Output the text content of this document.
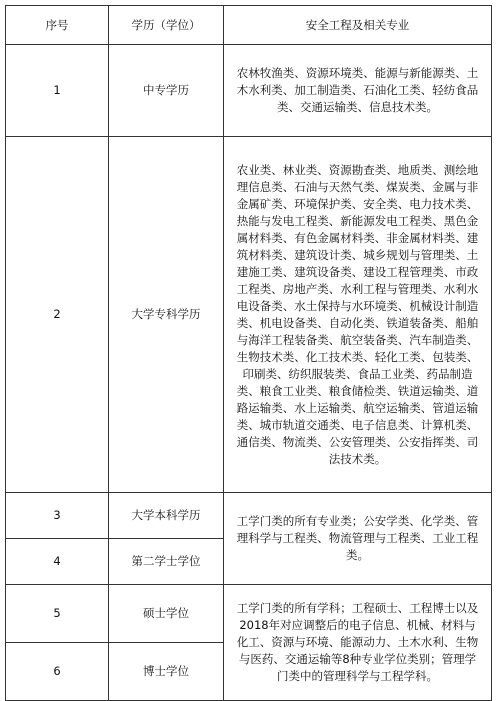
序号	学历（学位）	安全工程及相关专业
1	中专学历	农林牧渔类、资源环境类、能源与新能源类、土木水利类、加工制造类、石油化工类、轻纺食品类、交通运输类、信息技术类。
2	大学专科学历	农业类、林业类、资源勘查类、地质类、测绘地理信息类、石油与天然气类、煤炭类、金属与非金属矿类、环境保护类、安全类、电力技术类、热能与发电工程类、新能源发电工程类、黑色金属材料类、有色金属材料类、非金属材料类、建筑材料类、建筑设计类、城乡规划与管理类、土建施工类、建筑设备类、建设工程管理类、市政工程类、房地产类、水利工程与管理类、水利水电设备类、水土保持与水环境类、机械设计制造类、机电设备类、自动化类、铁道装备类、船舶与海洋工程装备类、航空装备类、汽车制造类、生物技术类、化工技术类、轻化工类、包装类、印刷类、纺织服装类、食品工业类、药品制造类、粮食工业类、粮食储检类、铁道运输类、道路运输类、水上运输类、航空运输类、管道运输类、城市轨道交通类、电子信息类、计算机类、通信类、物流类、公安管理类、公安指挥类、司法技术类。
3	大学本科学历	工学门类的所有专业类；公安学类、化学类、管理科学与工程类、物流管理与工程类、工业工程类。
4	第二学士学位	
5	硕士学位	工学门类的所有学科；工程硕士、工程博士以及2018年对应调整后的电子信息、机械、材料与化工、资源与环境、能源动力、土木水利、生物与医药、交通运输等8种专业学位类别；管理学门类中的管理科学与工程学科。
6	博士学位	
